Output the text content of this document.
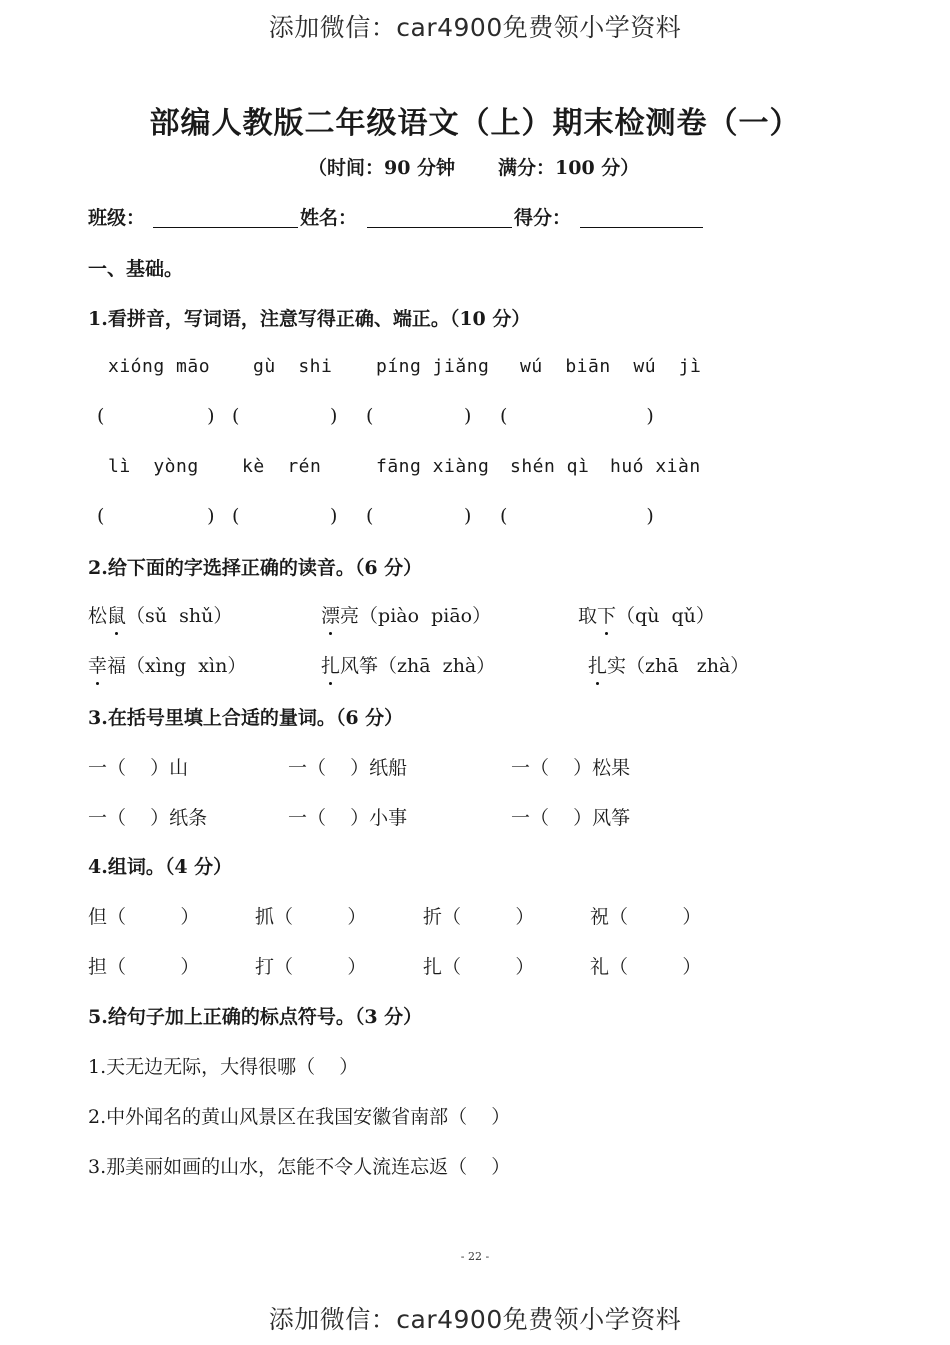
添加微信：car4900免费领小学资料
添加微信：car4900免费领小学资料
部编人教版二年级语文（上）期末检测卷（一）
（时间：90 分钟 满分：100 分）
班级：	姓名：	得分：
一、基础。
1.看拼音，写词语，注意写得正确、端正。（10 分）
xióng māo gù  shi píng jiǎng wú  biān  wú  jì
(                 ) (               ) (               ) (                       )
lì  yòng kè  rén	fāng xiàng shén qì huó xiàn
(                 ) (               ) (               ) (                       )
2.给下面的字选择正确的读音。（6 分）
松鼠（sǔ  shǔ）	漂亮（piào  piāo）	取下（qù  qǔ）
幸福（xìng  xìn）	扎风筝（zhā  zhà）	扎实（zhā   zhà）
3.在括号里填上合适的量词。（6 分）
一（    ）山	一（    ）纸船	一（    ）松果
一（    ）纸条	一（    ）小事	一（    ）风筝
4.组词。（4 分）
但（         ）	抓（         ）	折（         ）	祝（         ）
担（         ）	打（         ）	扎（         ）	礼（         ）
5.给句子加上正确的标点符号。（3 分）
1.天无边无际，大得很哪（    ）
2.中外闻名的黄山风景区在我国安徽省南部（    ）
3.那美丽如画的山水，怎能不令人流连忘返（    ）
- 22 -
